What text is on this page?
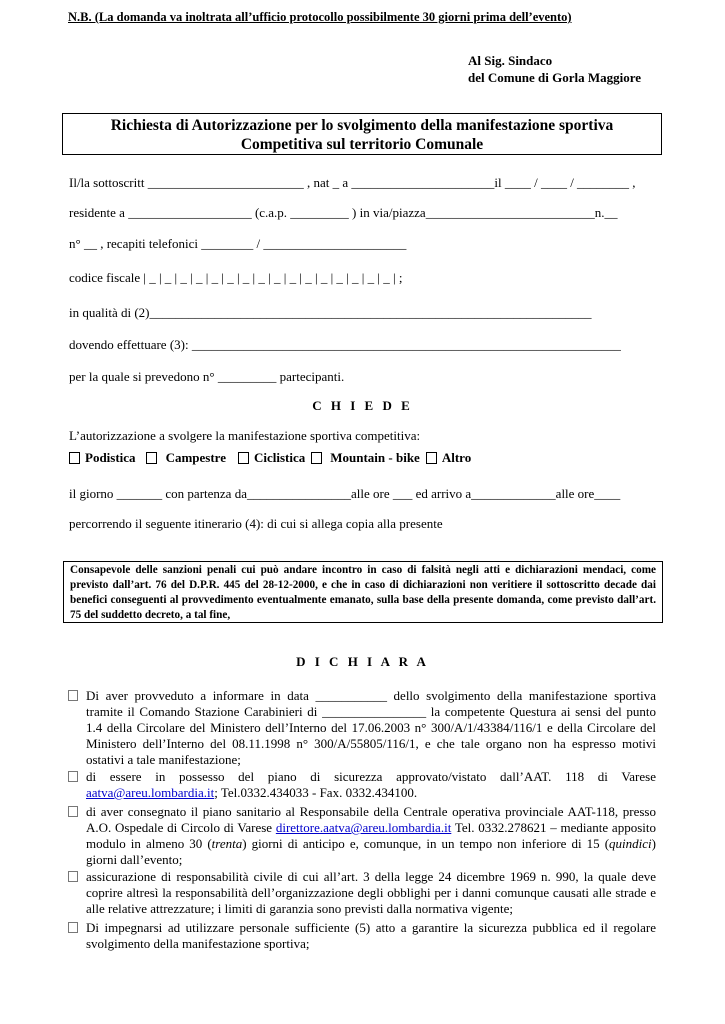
N.B. (La domanda va inoltrata all’ufficio protocollo possibilmente 30 giorni prima dell’evento)
Al Sig. Sindaco
del Comune di Gorla Maggiore
Richiesta di Autorizzazione per lo svolgimento della manifestazione sportiva
Competitiva sul territorio Comunale
Il/la sottoscritt ________________________ , nat _ a ______________________il ____ / ____ / ________ ,
residente a ___________________ (c.a.p. _________ ) in via/piazza__________________________n.__
n° __ , recapiti telefonici ________ / ______________________
codice fiscale | _ | _ | _ | _ | _ | _ | _ | _ | _ | _ | _ | _ | _ | _ | _ | _ | ;
in qualità di (2)____________________________________________________________________
dovendo effettuare (3): __________________________________________________________________
per la quale si prevedono n° _________ partecipanti.
C H I E D E
L’autorizzazione a svolgere la manifestazione sportiva competitiva:
Podistica Campestre Ciclistica Mountain - bike Altro
il giorno _______ con partenza da________________alle ore ___ ed arrivo a_____________alle ore____
percorrendo il seguente itinerario (4): di cui si allega copia alla presente
Consapevole delle sanzioni penali cui può andare incontro in caso di falsità negli atti e dichiarazioni mendaci, come previsto dall’art. 76 del D.P.R. 445 del 28-12-2000, e che in caso di dichiarazioni non veritiere il sottoscritto decade dai benefici conseguenti al provvedimento eventualmente emanato, sulla base della presente domanda, come previsto dall’art. 75 del suddetto decreto, a tal fine,
D I C H I A R A
Di aver provveduto a informare in data ___________ dello svolgimento della manifestazione sportiva tramite il Comando Stazione Carabinieri di ________________ la competente Questura ai sensi del punto 1.4 della Circolare del Ministero dell’Interno del 17.06.2003 n° 300/A/1/43384/116/1 e della Circolare del Ministero dell’Interno del 08.11.1998 n° 300/A/55805/116/1, e che tale organo non ha espresso motivi ostativi a tale manifestazione;
di essere in possesso del piano di sicurezza approvato/vistato dall’AAT. 118 di Varese aatva@areu.lombardia.it; Tel.0332.434033 - Fax. 0332.434100.
di aver consegnato il piano sanitario al Responsabile della Centrale operativa provinciale AAT-118, presso A.O. Ospedale di Circolo di Varese direttore.aatva@areu.lombardia.it Tel. 0332.278621 – mediante apposito modulo in almeno 30 (trenta) giorni di anticipo e, comunque, in un tempo non inferiore di 15 (quindici) giorni dall’evento;
assicurazione di responsabilità civile di cui all’art. 3 della legge 24 dicembre 1969 n. 990, la quale deve coprire altresì la responsabilità dell’organizzazione degli obblighi per i danni comunque causati alle strade e alle relative attrezzature; i limiti di garanzia sono previsti dalla normativa vigente;
Di impegnarsi ad utilizzare personale sufficiente (5) atto a garantire la sicurezza pubblica ed il regolare svolgimento della manifestazione sportiva;
